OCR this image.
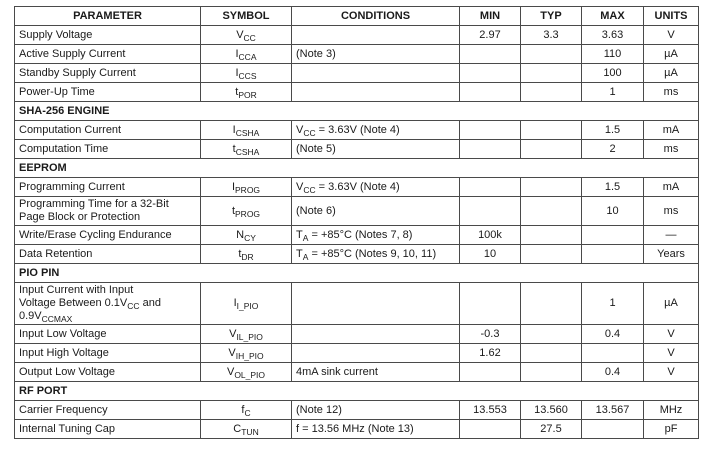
PARAMETER	SYMBOL	CONDITIONS	MIN	TYP	MAX	UNITS
Supply Voltage	$V_{CC}$		2.97	3.3	3.63	V
Active Supply Current	$I_{CCA}$	(Note 3)			110	µA
Standby Supply Current	$I_{CCS}$				100	µA
Power-Up Time	$t_{POR}$				1	ms
SHA-256 ENGINE						
Computation Current	$I_{CSHA}$	$V_{CC} = 3.63V$ (Note 4)			1.5	mA
Computation Time	$t_{CSHA}$	(Note 5)			2	ms
EEPROM						
Programming Current	$I_{PROG}$	$V_{CC} = 3.63V$ (Note 4)			1.5	mA
Programming Time for a 32-Bit
Page Block or Protection	$t_{PROG}$	(Note 6)			10	ms
Write/Erase Cycling Endurance	$N_{CY}$	$T_A = +85^\circ C$ (Notes 7, 8)	100k			—
Data Retention	$t_{DR}$	$T_A = +85^\circ C$ (Notes 9, 10, 11)	10			Years
PIO PIN						
Input Current with Input
Voltage Between $0.1V_{CC}$ and
$0.9V_{CCMAX}$	$I_{I\_PIO}$				1	µA
Input Low Voltage	$V_{IL\_PIO}$		-0.3		0.4	V
Input High Voltage	$V_{IH\_PIO}$		1.62			V
Output Low Voltage	$V_{OL\_PIO}$	4mA sink current			0.4	V
RF PORT						
Carrier Frequency	$f_C$	(Note 12)	13.553	13.560	13.567	MHz
Internal Tuning Cap	$C_{TUN}$	f = 13.56 MHz (Note 13)		27.5		pF
